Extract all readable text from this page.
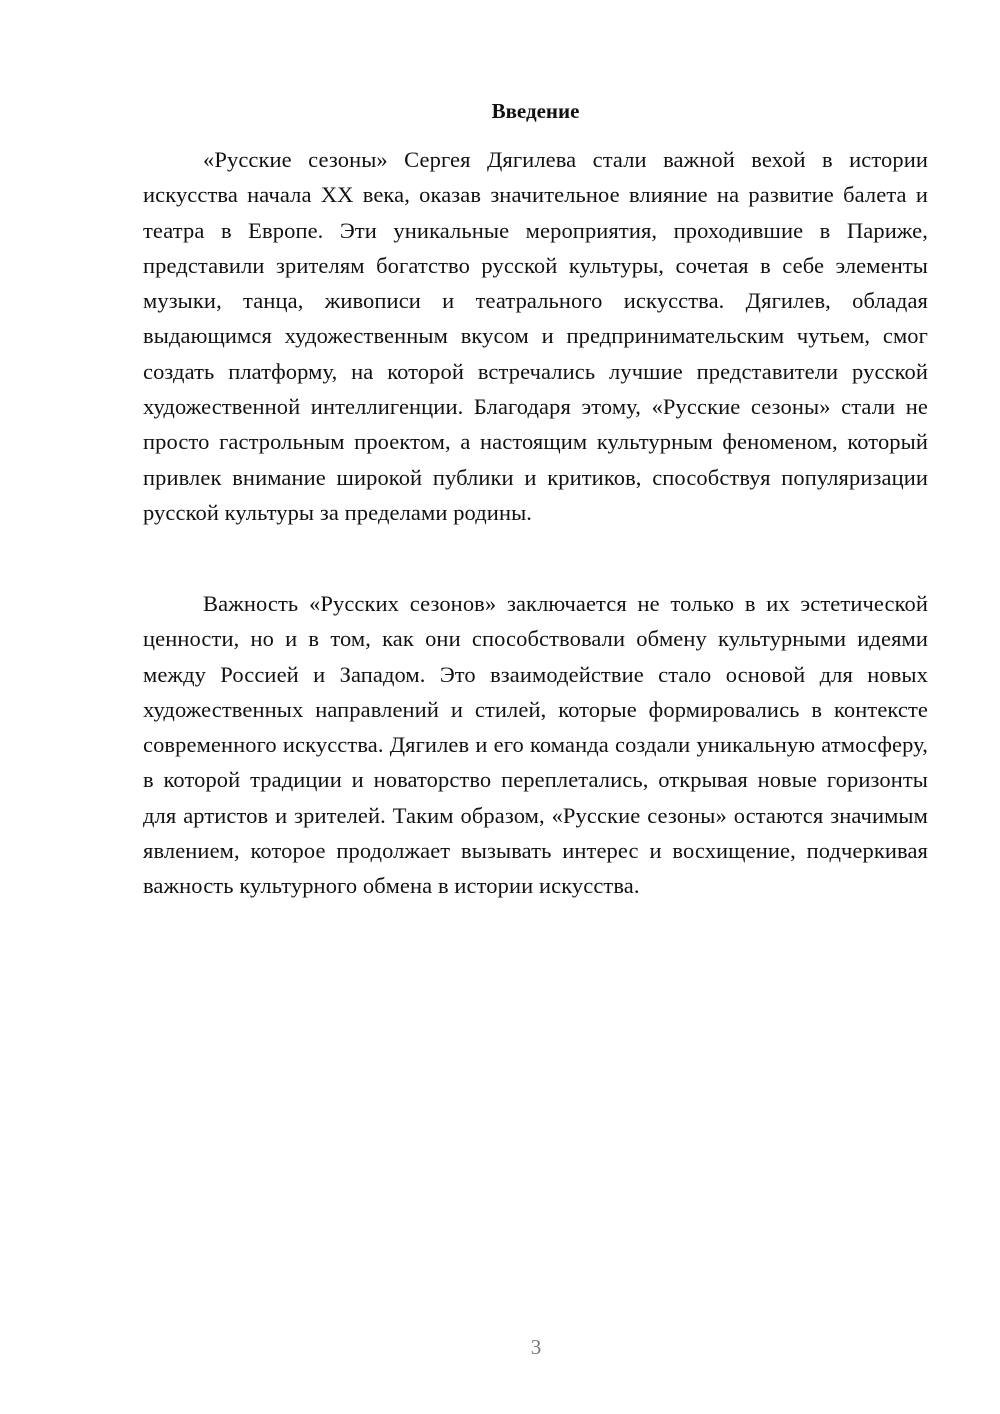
Введение

«Русские сезоны» Сергея Дягилева стали важной вехой в истории искусства начала XX века, оказав значительное влияние на развитие балета и театра в Европе. Эти уникальные мероприятия, проходившие в Париже, представили зрителям богатство русской культуры, сочетая в себе элементы музыки, танца, живописи и театрального искусства. Дягилев, обладая выдающимся художественным вкусом и предпринимательским чутьем, смог создать платформу, на которой встречались лучшие представители русской художественной интеллигенции. Благодаря этому, «Русские сезоны» стали не просто гастрольным проектом, а настоящим культурным феноменом, который привлек внимание широкой публики и критиков, способствуя популяризации русской культуры за пределами родины.

Важность «Русских сезонов» заключается не только в их эстетической ценности, но и в том, как они способствовали обмену культурными идеями между Россией и Западом. Это взаимодействие стало основой для новых художественных направлений и стилей, которые формировались в контексте современного искусства. Дягилев и его команда создали уникальную атмосферу, в которой традиции и новаторство переплетались, открывая новые горизонты для артистов и зрителей. Таким образом, «Русские сезоны» остаются значимым явлением, которое продолжает вызывать интерес и восхищение, подчеркивая важность культурного обмена в истории искусства.

3
